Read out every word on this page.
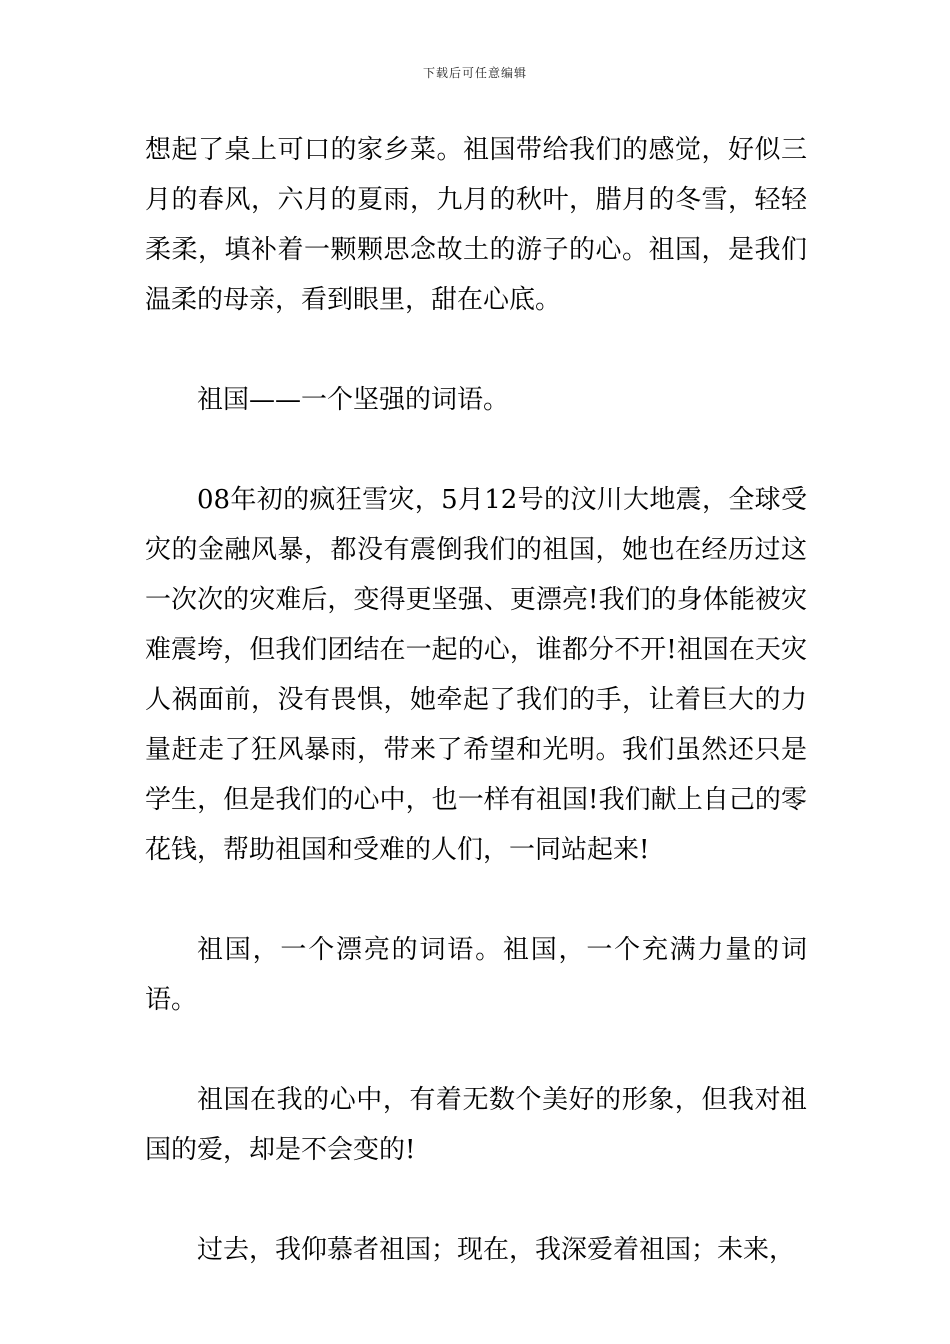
下载后可任意编辑

想起了桌上可口的家乡菜。祖国带给我们的感觉，好似三月的春风，六月的夏雨，九月的秋叶，腊月的冬雪，轻轻柔柔，填补着一颗颗思念故土的游子的心。祖国，是我们温柔的母亲，看到眼里，甜在心底。

祖国——一个坚强的词语。

08年初的疯狂雪灾，5月12号的汶川大地震，全球受灾的金融风暴，都没有震倒我们的祖国，她也在经历过这一次次的灾难后，变得更坚强、更漂亮!我们的身体能被灾难震垮，但我们团结在一起的心，谁都分不开!祖国在天灾人祸面前，没有畏惧，她牵起了我们的手，让着巨大的力量赶走了狂风暴雨，带来了希望和光明。我们虽然还只是学生，但是我们的心中，也一样有祖国!我们献上自己的零花钱，帮助祖国和受难的人们，一同站起来!

祖国，一个漂亮的词语。祖国，一个充满力量的词语。

祖国在我的心中，有着无数个美好的形象，但我对祖国的爱，却是不会变的!

过去，我仰慕者祖国；现在，我深爱着祖国；未来，
